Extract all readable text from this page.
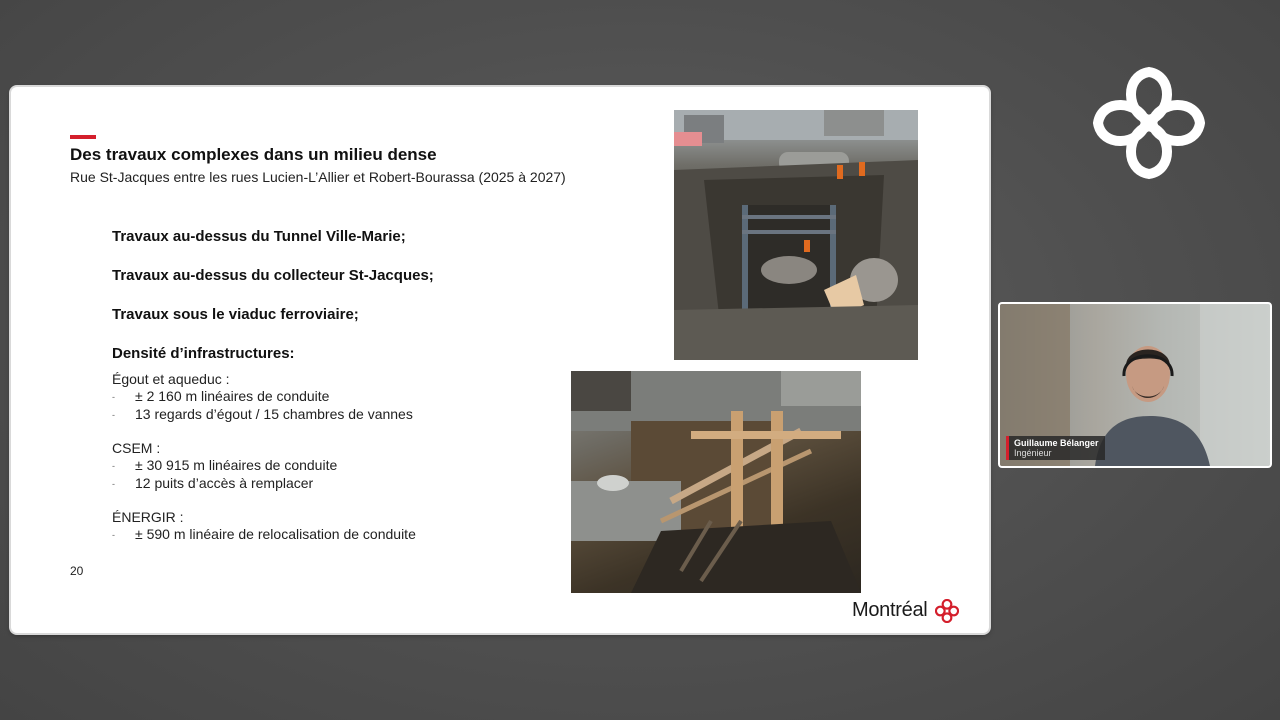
Des travaux complexes dans un milieu dense
Rue St-Jacques entre les rues Lucien-L’Allier et Robert-Bourassa (2025 à 2027)
Travaux au-dessus du Tunnel Ville-Marie;
Travaux au-dessus du collecteur St-Jacques;
Travaux sous le viaduc ferroviaire;
Densité d’infrastructures:
Égout et aqueduc :
- ± 2 160 m linéaires de conduite
- 13 regards d’égout / 15 chambres de vannes
CSEM :
- ± 30 915 m linéaires de conduite
- 12 puits d’accès à remplacer
ÉNERGIR :
- ± 590 m linéaire de relocalisation de conduite
20
Montréal
Guillaume Bélanger
Ingénieur
